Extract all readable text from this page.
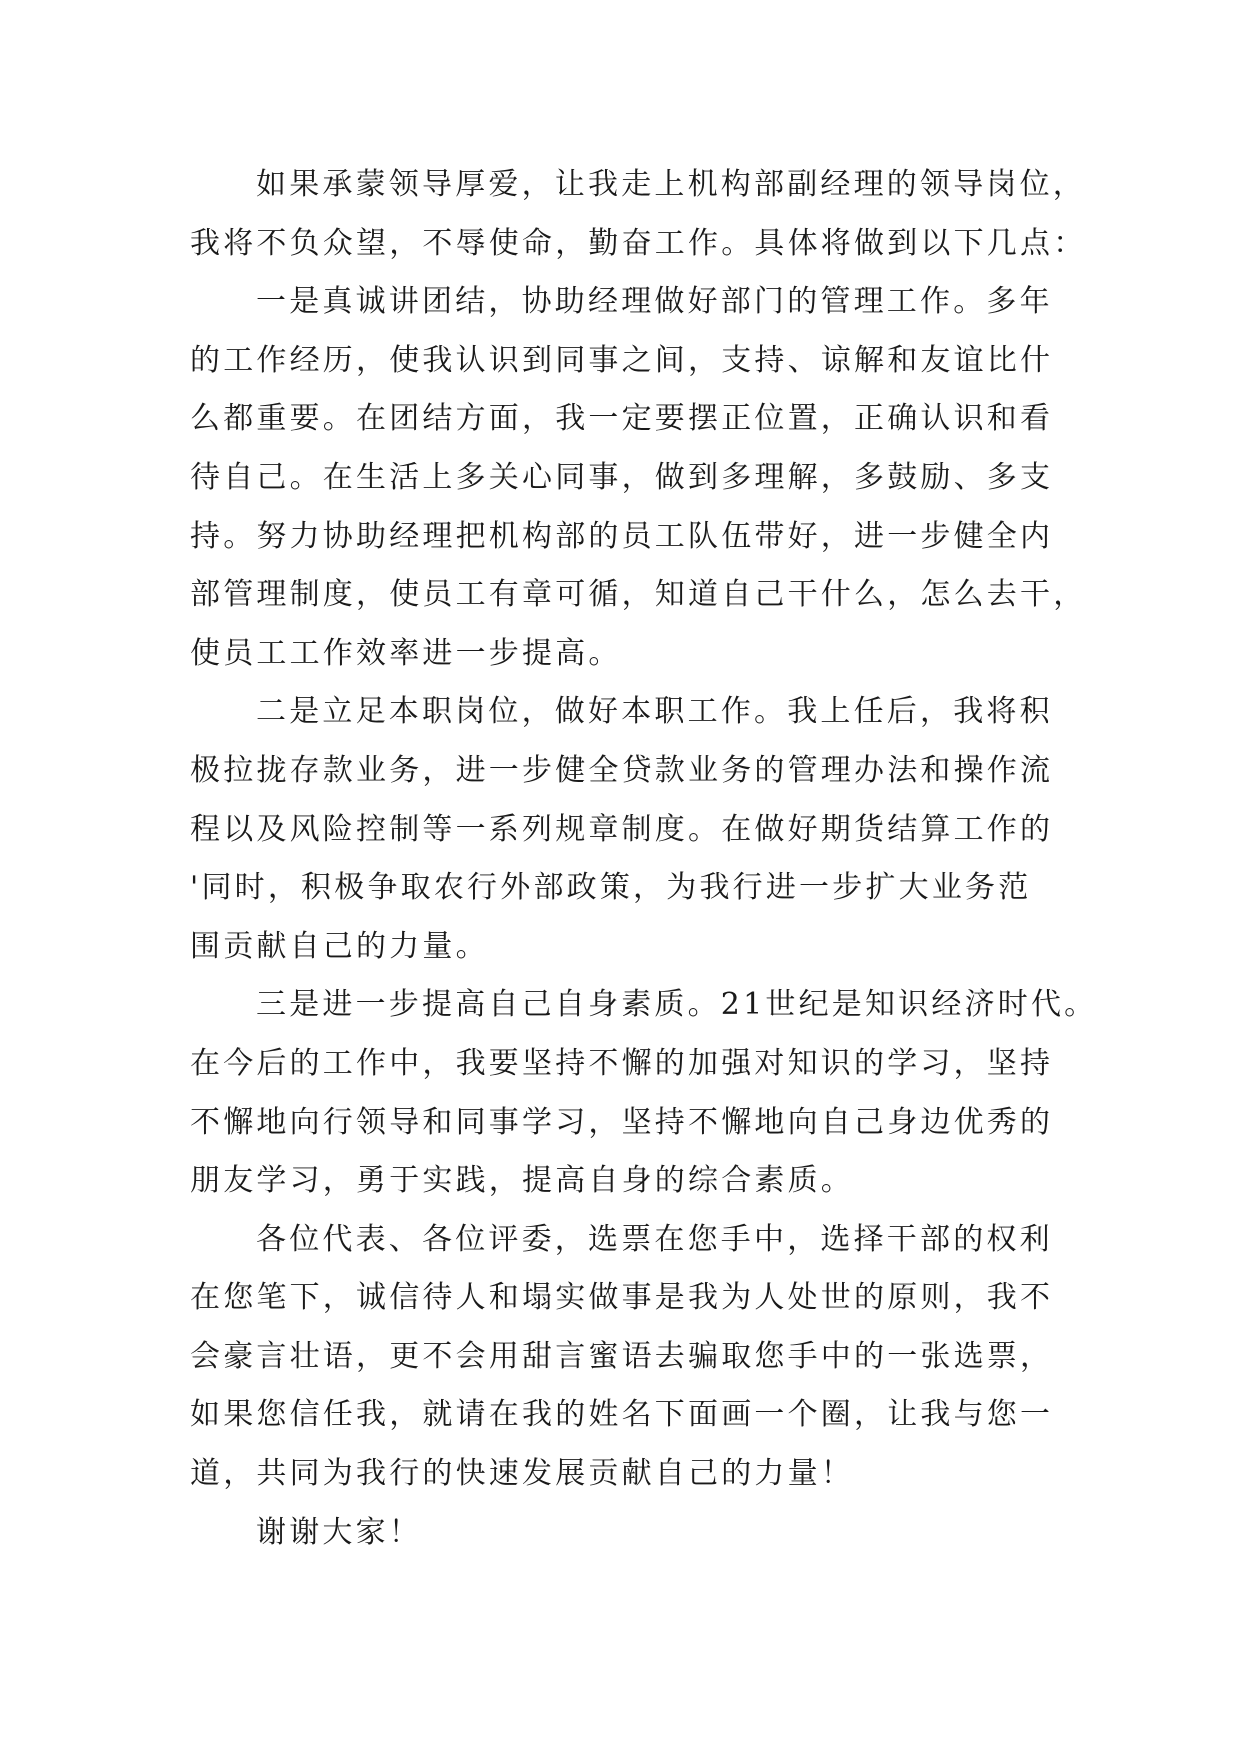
如果承蒙领导厚爱，让我走上机构部副经理的领导岗位，
我将不负众望，不辱使命，勤奋工作。具体将做到以下几点：
一是真诚讲团结，协助经理做好部门的管理工作。多年
的工作经历，使我认识到同事之间，支持、谅解和友谊比什
么都重要。在团结方面，我一定要摆正位置，正确认识和看
待自己。在生活上多关心同事，做到多理解，多鼓励、多支
持。努力协助经理把机构部的员工队伍带好，进一步健全内
部管理制度，使员工有章可循，知道自己干什么，怎么去干，
使员工工作效率进一步提高。
二是立足本职岗位，做好本职工作。我上任后，我将积
极拉拢存款业务，进一步健全贷款业务的管理办法和操作流
程以及风险控制等一系列规章制度。在做好期货结算工作的
'同时，积极争取农行外部政策，为我行进一步扩大业务范
围贡献自己的力量。
三是进一步提高自己自身素质。21世纪是知识经济时代。
在今后的工作中，我要坚持不懈的加强对知识的学习，坚持
不懈地向行领导和同事学习，坚持不懈地向自己身边优秀的
朋友学习，勇于实践，提高自身的综合素质。
各位代表、各位评委，选票在您手中，选择干部的权利
在您笔下，诚信待人和塌实做事是我为人处世的原则，我不
会豪言壮语，更不会用甜言蜜语去骗取您手中的一张选票，
如果您信任我，就请在我的姓名下面画一个圈，让我与您一
道，共同为我行的快速发展贡献自己的力量！
谢谢大家！
